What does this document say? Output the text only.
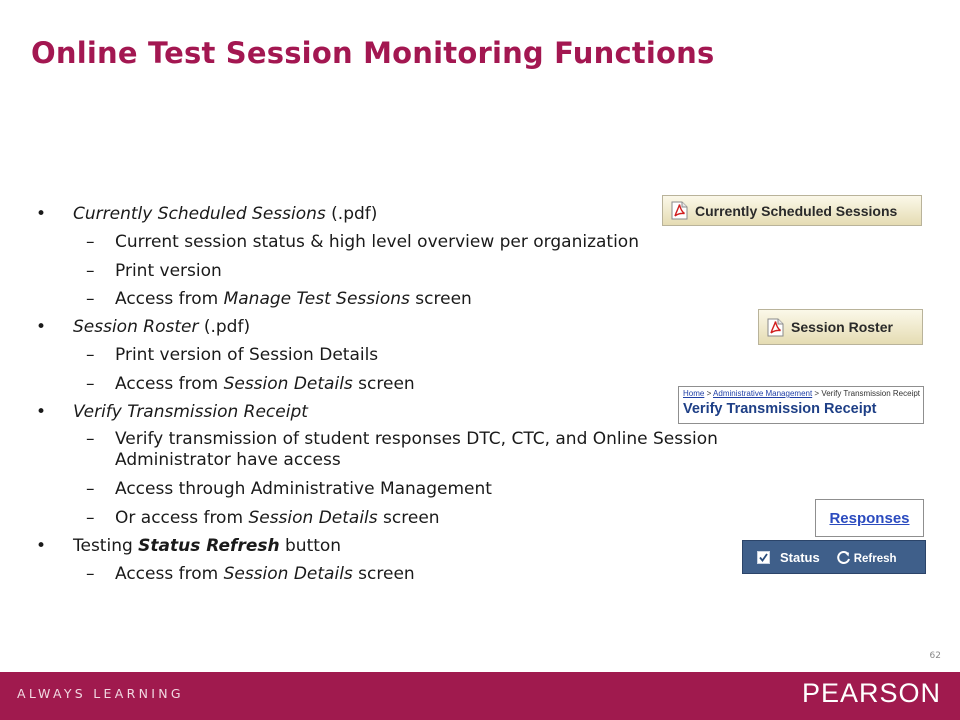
Online Test Session Monitoring Functions
• Currently Scheduled Sessions (.pdf)
– Current session status & high level overview per organization
– Print version
– Access from Manage Test Sessions screen
• Session Roster (.pdf)
– Print version of Session Details
– Access from Session Details screen
• Verify Transmission Receipt
– Verify transmission of student responses DTC, CTC, and Online Session Administrator have access
– Access through Administrative Management
– Or access from Session Details screen
• Testing Status Refresh button
– Access from Session Details screen
Currently Scheduled Sessions
Session Roster
Home > Administrative Management > Verify Transmission Receipt
Verify Transmission Receipt
Responses
Status	Refresh
62
ALWAYS LEARNING	PEARSON
